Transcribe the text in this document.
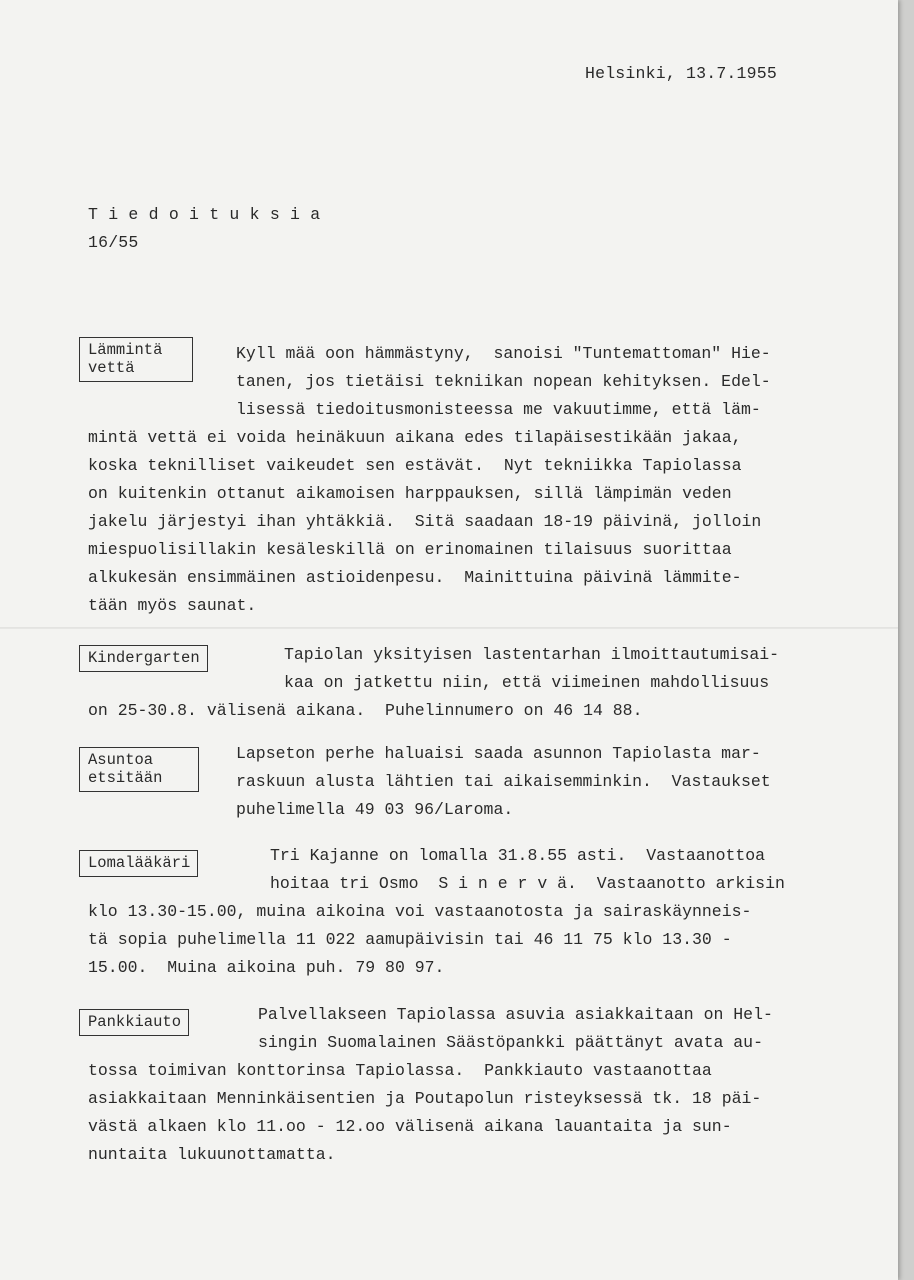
Helsinki, 13.7.1955
T i e d o i t u k s i a
16/55
Lämmintä
vettä
Kyll mää oon hämmästyny,  sanoisi "Tuntemattoman" Hie-
tanen, jos tietäisi tekniikan nopean kehityksen. Edel-
lisessä tiedoitusmonisteessa me vakuutimme, että läm-
mintä vettä ei voida heinäkuun aikana edes tilapäisestikään jakaa,
koska teknilliset vaikeudet sen estävät.  Nyt tekniikka Tapiolassa
on kuitenkin ottanut aikamoisen harppauksen, sillä lämpimän veden
jakelu järjestyi ihan yhtäkkiä.  Sitä saadaan 18-19 päivinä, jolloin
miespuolisillakin kesäleskillä on erinomainen tilaisuus suorittaa
alkukesän ensimmäinen astioidenpesu.  Mainittuina päivinä lämmite-
tään myös saunat.
Kindergarten	Tapiolan yksityisen lastentarhan ilmoittautumisai-
kaa on jatkettu niin, että viimeinen mahdollisuus
on 25-30.8. välisenä aikana.  Puhelinnumero on 46 14 88.
Asuntoa
etsitään
Lapseton perhe haluaisi saada asunnon Tapiolasta mar-
raskuun alusta lähtien tai aikaisemminkin.  Vastaukset
puhelimella 49 03 96/Laroma.
Lomalääkäri	Tri Kajanne on lomalla 31.8.55 asti.  Vastaanottoa
hoitaa tri Osmo  S i n e r v ä.  Vastaanotto arkisin
klo 13.30-15.00, muina aikoina voi vastaanotosta ja sairaskäynneis-
tä sopia puhelimella 11 022 aamupäivisin tai 46 11 75 klo 13.30 -
15.00.  Muina aikoina puh. 79 80 97.
Pankkiauto	Palvellakseen Tapiolassa asuvia asiakkaitaan on Hel-
singin Suomalainen Säästöpankki päättänyt avata au-
tossa toimivan konttorinsa Tapiolassa.  Pankkiauto vastaanottaa
asiakkaitaan Menninkäisentien ja Poutapolun risteyksessä tk. 18 päi-
västä alkaen klo 11.oo - 12.oo välisenä aikana lauantaita ja sun-
nuntaita lukuunottamatta.
